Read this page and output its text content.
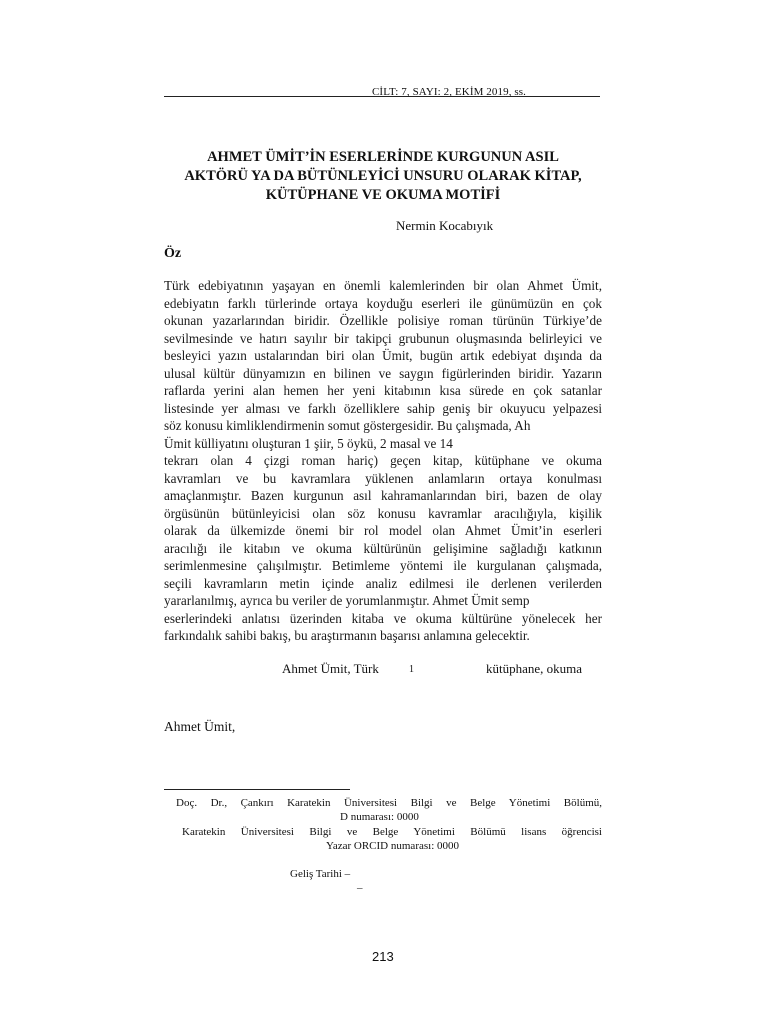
CİLT: 7, SAYI: 2, EKİM 2019, ss.
AHMET ÜMİT’İN ESERLERİNDE KURGUNUN ASIL
AKTÖRÜ YA DA BÜTÜNLEYİCİ UNSURU OLARAK KİTAP,
KÜTÜPHANE VE OKUMA MOTİFİ
Nermin Kocabıyık
Öz
Türk edebiyatının yaşayan en önemli kalemlerinden bir olan Ahmet Ümit,
edebiyatın farklı türlerinde ortaya koyduğu eserleri ile günümüzün en çok
okunan yazarlarından biridir. Özellikle polisiye roman türünün Türkiye’de
sevilmesinde ve hatırı sayılır bir takipçi grubunun oluşmasında belirleyici ve
besleyici yazın ustalarından biri olan Ümit, bugün artık edebiyat dışında da
ulusal kültür dünyamızın en bilinen ve saygın figürlerinden biridir. Yazarın
raflarda yerini alan hemen her yeni kitabının kısa sürede en çok satanlar
listesinde yer alması ve farklı özelliklere sahip geniş bir okuyucu yelpazesi
söz konusu kimliklendirmenin somut göstergesidir. Bu çalışmada, Ah
Ümit külliyatını oluşturan 1 şiir, 5 öykü, 2 masal ve 14
tekrarı olan 4 çizgi roman hariç) geçen kitap, kütüphane ve okuma
kavramları ve bu kavramlara yüklenen anlamların ortaya konulması
amaçlanmıştır. Bazen kurgunun asıl kahramanlarından biri, bazen de olay
örgüsünün bütünleyicisi olan söz konusu kavramlar aracılığıyla, kişilik
olarak da ülkemizde önemi bir rol model olan Ahmet Ümit’in eserleri
aracılığı ile kitabın ve okuma kültürünün gelişimine sağladığı katkının
serimlenmesine çalışılmıştır. Betimleme yöntemi ile kurgulanan çalışmada,
seçili kavramların metin içinde analiz edilmesi ile derlenen verilerden
yararlanılmış, ayrıca bu veriler de yorumlanmıştır. Ahmet Ümit semp
eserlerindeki anlatısı üzerinden kitaba ve okuma kültürüne yönelecek her
farkındalık sahibi bakış, bu araştırmanın başarısı anlamına gelecektir.
Ahmet Ümit, Türk	1	kütüphane, okuma
Ahmet Ümit,
Doç. Dr., Çankırı Karatekin Üniversitesi Bilgi ve Belge Yönetimi Bölümü,
D numarası: 0000
Karatekin Üniversitesi Bilgi ve Belge Yönetimi Bölümü lisans öğrencisi
Yazar ORCID numarası: 0000
Geliş Tarihi –
–
213
